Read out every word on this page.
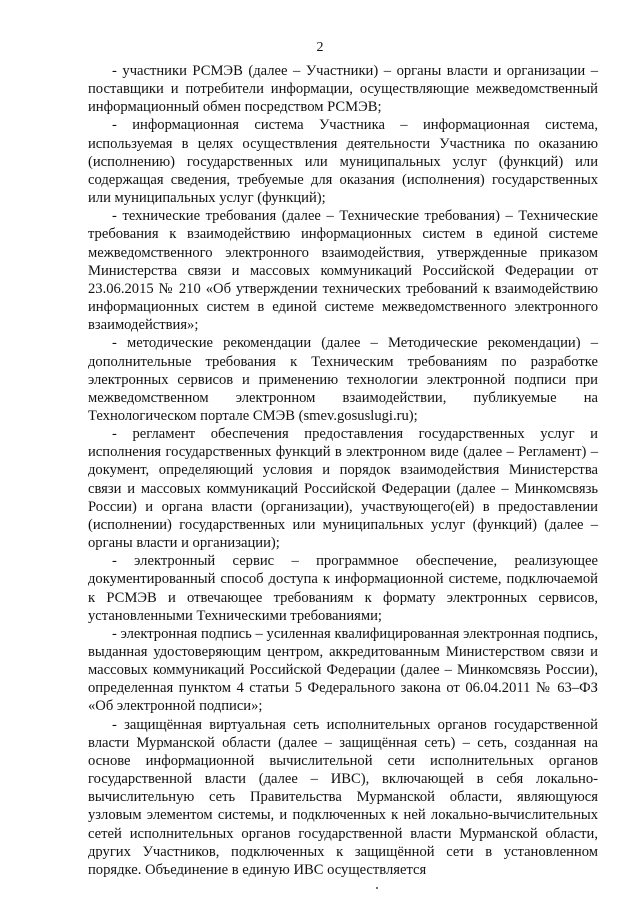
2

- участники РСМЭВ (далее – Участники) – органы власти и организации – поставщики и потребители информации, осуществляющие межведомственный информационный обмен посредством РСМЭВ;

- информационная система Участника – информационная система, используемая в целях осуществления деятельности Участника по оказанию (исполнению) государственных или муниципальных услуг (функций) или содержащая сведения, требуемые для оказания (исполнения) государственных или муниципальных услуг (функций);

- технические требования (далее – Технические требования) – Технические требования к взаимодействию информационных систем в единой системе межведомственного электронного взаимодействия, утвержденные приказом Министерства связи и массовых коммуникаций Российской Федерации от 23.06.2015 № 210 «Об утверждении технических требований к взаимодействию информационных систем в единой системе межведомственного электронного взаимодействия»;

- методические рекомендации (далее – Методические рекомендации) – дополнительные требования к Техническим требованиям по разработке электронных сервисов и применению технологии электронной подписи при межведомственном электронном взаимодействии, публикуемые на Технологическом портале СМЭВ (smev.gosuslugi.ru);

- регламент обеспечения предоставления государственных услуг и исполнения государственных функций в электронном виде (далее – Регламент) – документ, определяющий условия и порядок взаимодействия Министерства связи и массовых коммуникаций Российской Федерации (далее – Минкомсвязь России) и органа власти (организации), участвующего(ей) в предоставлении (исполнении) государственных или муниципальных услуг (функций) (далее – органы власти и организации);

- электронный сервис – программное обеспечение, реализующее документированный способ доступа к информационной системе, подключаемой к РСМЭВ и отвечающее требованиям к формату электронных сервисов, установленными Техническими требованиями;

- электронная подпись – усиленная квалифицированная электронная подпись, выданная удостоверяющим центром, аккредитованным Министерством связи и массовых коммуникаций Российской Федерации (далее – Минкомсвязь России), определенная пунктом 4 статьи 5 Федерального закона от 06.04.2011 № 63–ФЗ «Об электронной подписи»;

- защищённая виртуальная сеть исполнительных органов государственной власти Мурманской области (далее – защищённая сеть) – сеть, созданная на основе информационной вычислительной сети исполнительных органов государственной власти (далее – ИВС), включающей в себя локально-вычислительную сеть Правительства Мурманской области, являющуюся узловым элементом системы, и подключенных к ней локально-вычислительных сетей исполнительных органов государственной власти Мурманской области, других Участников, подключенных к защищённой сети в установленном порядке. Объединение в единую ИВС осуществляется
